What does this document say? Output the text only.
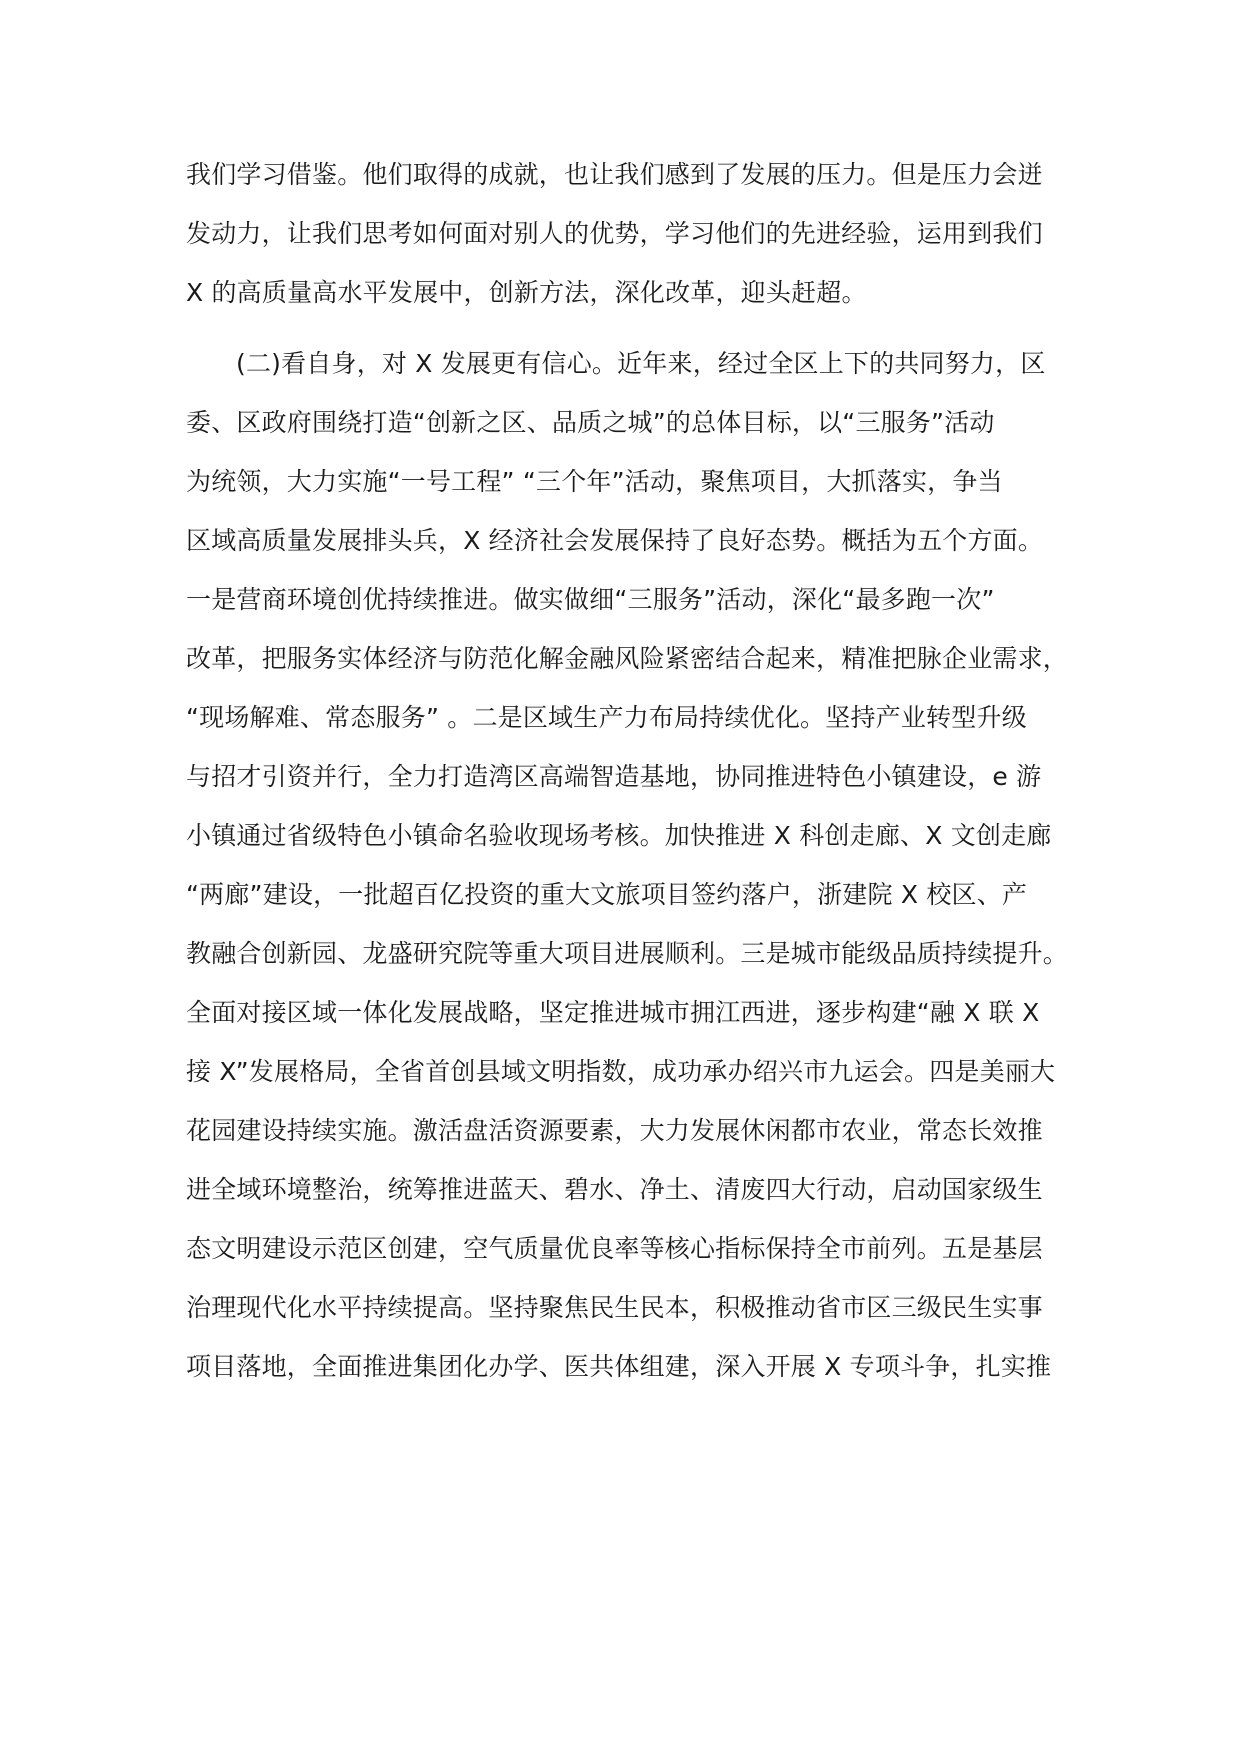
我们学习借鉴。他们取得的成就，也让我们感到了发展的压力。但是压力会迸
发动力，让我们思考如何面对别人的优势，学习他们的先进经验，运用到我们
X 的高质量高水平发展中，创新方法，深化改革，迎头赶超。
(二)看自身，对 X 发展更有信心。近年来，经过全区上下的共同努力，区
委、区政府围绕打造“创新之区、品质之城”的总体目标，以“三服务”活动
为统领，大力实施“一号工程” “三个年”活动，聚焦项目，大抓落实，争当
区域高质量发展排头兵，X 经济社会发展保持了良好态势。概括为五个方面。
一是营商环境创优持续推进。做实做细“三服务”活动，深化“最多跑一次”
改革，把服务实体经济与防范化解金融风险紧密结合起来，精准把脉企业需求，
“现场解难、常态服务” 。二是区域生产力布局持续优化。坚持产业转型升级
与招才引资并行，全力打造湾区高端智造基地，协同推进特色小镇建设，e 游
小镇通过省级特色小镇命名验收现场考核。加快推进 X 科创走廊、X 文创走廊
“两廊”建设，一批超百亿投资的重大文旅项目签约落户，浙建院 X 校区、产
教融合创新园、龙盛研究院等重大项目进展顺利。三是城市能级品质持续提升。
全面对接区域一体化发展战略，坚定推进城市拥江西进，逐步构建“融 X 联 X
接 X”发展格局，全省首创县域文明指数，成功承办绍兴市九运会。四是美丽大
花园建设持续实施。激活盘活资源要素，大力发展休闲都市农业，常态长效推
进全域环境整治，统筹推进蓝天、碧水、净土、清废四大行动，启动国家级生
态文明建设示范区创建，空气质量优良率等核心指标保持全市前列。五是基层
治理现代化水平持续提高。坚持聚焦民生民本，积极推动省市区三级民生实事
项目落地，全面推进集团化办学、医共体组建，深入开展 X 专项斗争，扎实推
